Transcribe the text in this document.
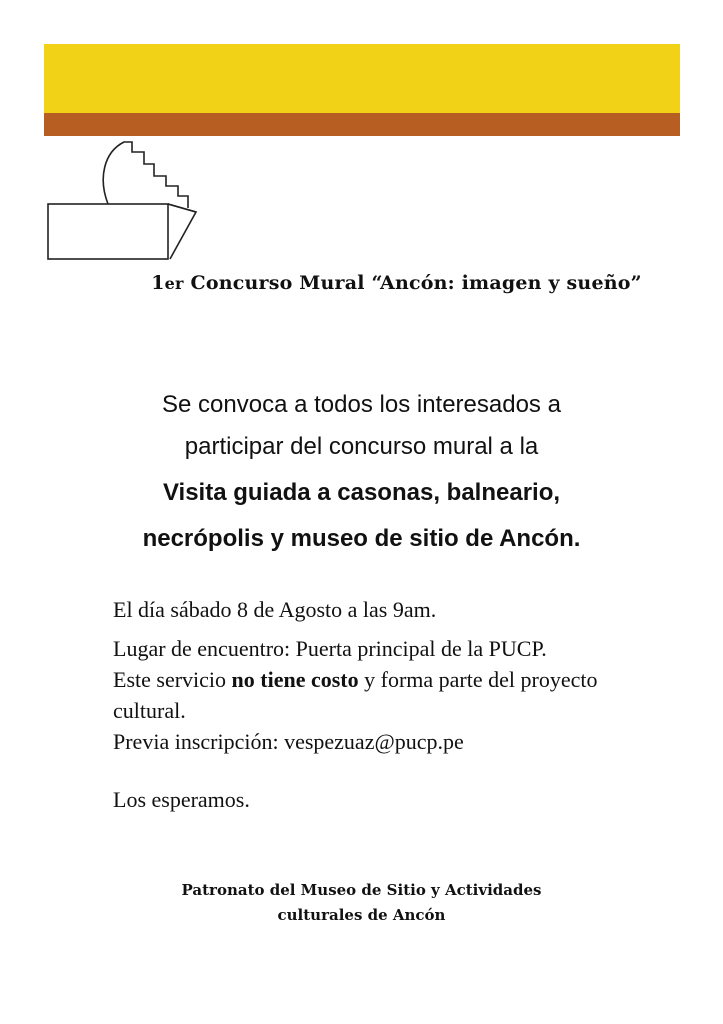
1er Concurso Mural “Ancón: imagen y sueño”
Se convoca a todos los interesados a
participar del concurso mural a la
Visita guiada a casonas, balneario,
necrópolis y museo de sitio de Ancón.

El día sábado 8 de Agosto a las 9am.

Lugar de encuentro: Puerta principal de la PUCP.

Este servicio no tiene costo y forma parte del proyecto cultural.

Previa inscripción: vespezuaz@pucp.pe

Los esperamos.

Patronato del Museo de Sitio y Actividades
culturales de Ancón
